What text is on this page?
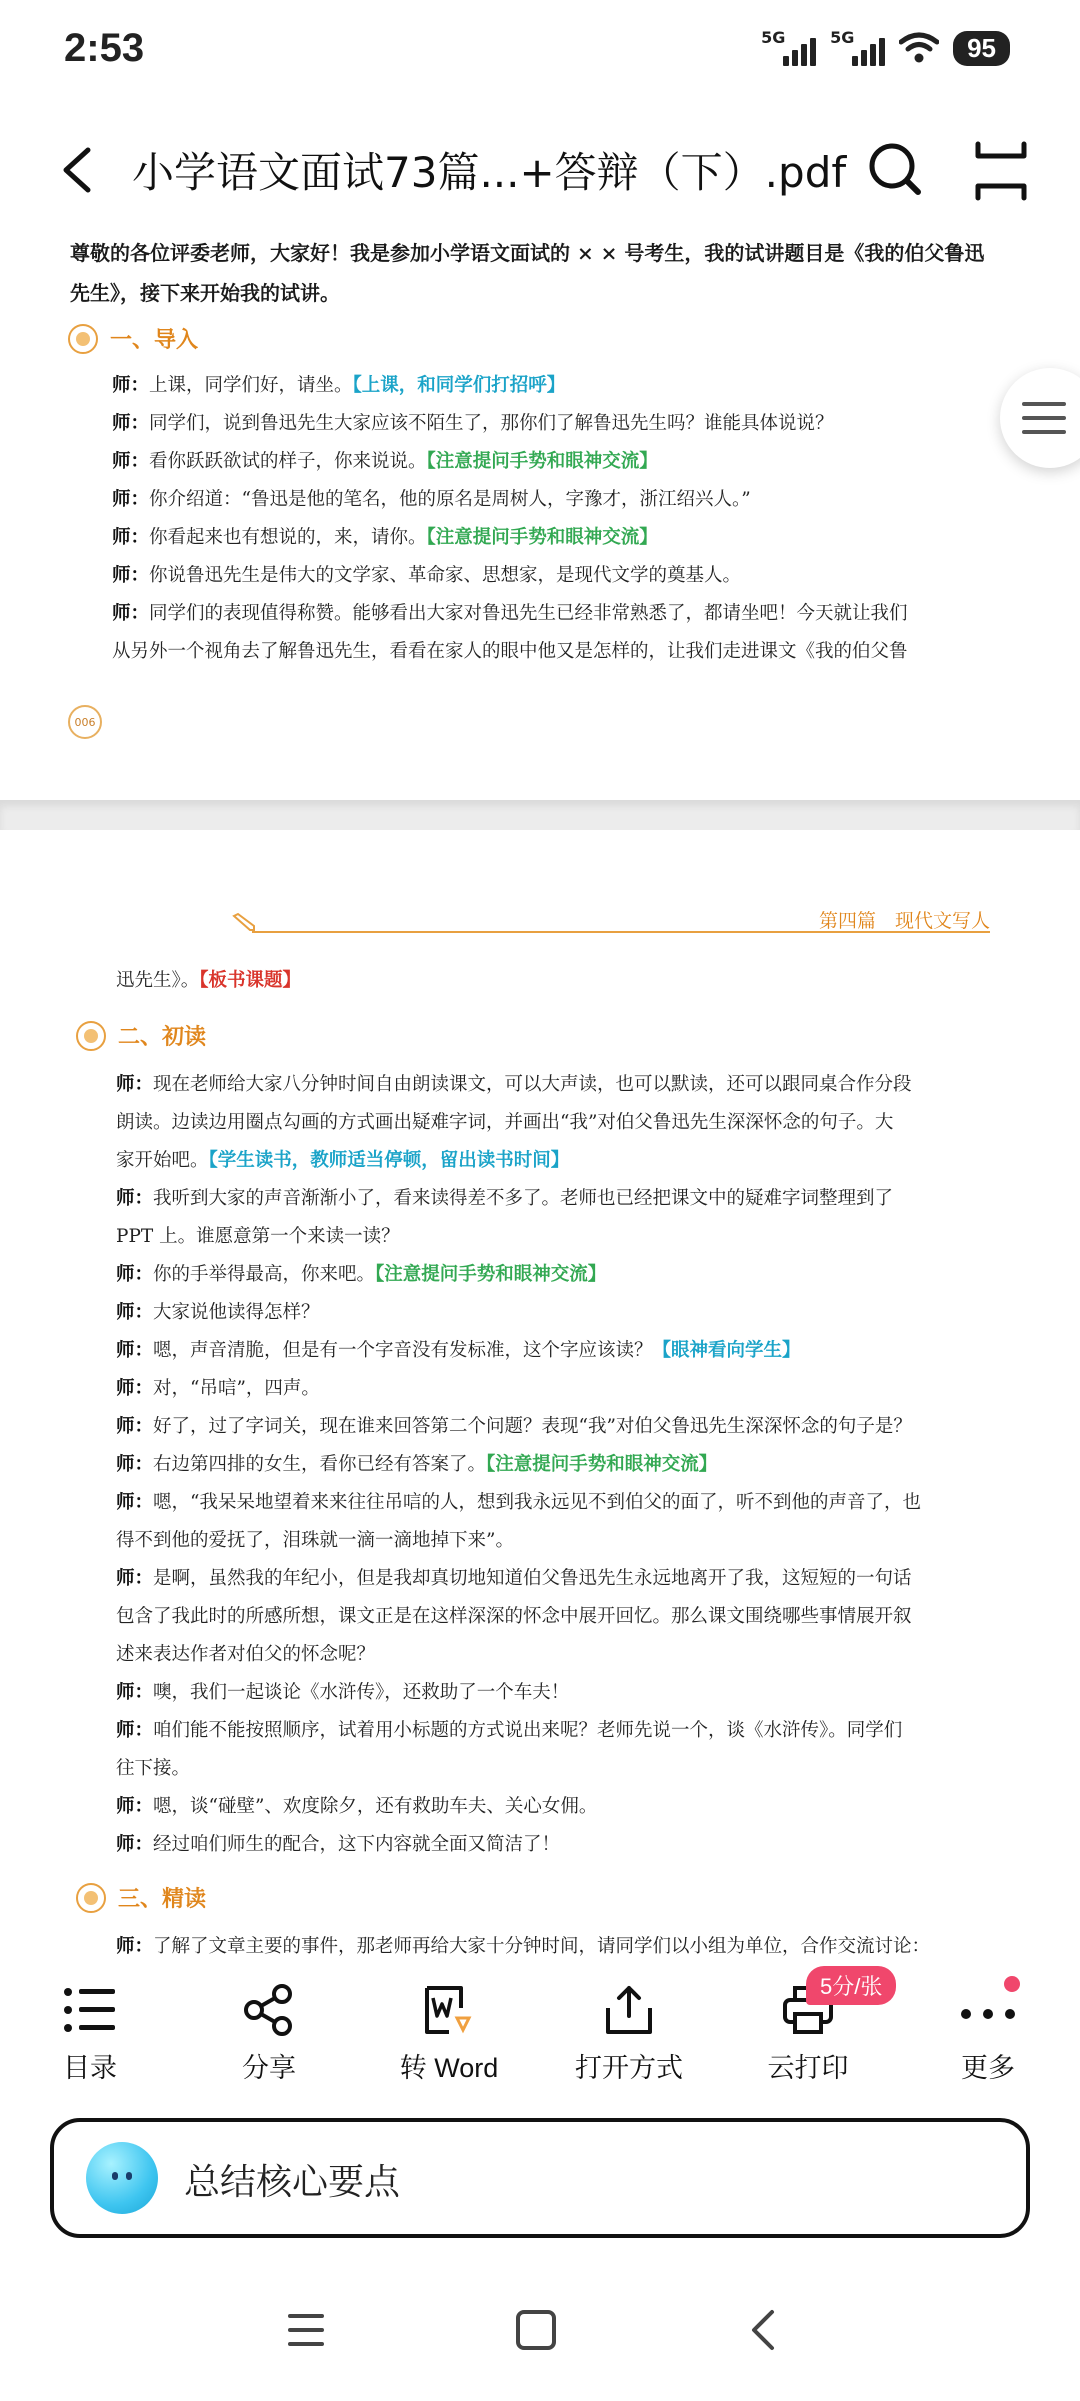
2:53	5G	5G	95
小学语文面试73篇...+答辩（下）.pdf
尊敬的各位评委老师，大家好！我是参加小学语文面试的 × × 号考生，我的试讲题目是《我的伯父鲁迅先生》，接下来开始我的试讲。
一、导入
师：上课，同学们好，请坐。【上课，和同学们打招呼】
师：同学们，说到鲁迅先生大家应该不陌生了，那你们了解鲁迅先生吗？谁能具体说说？
师：看你跃跃欲试的样子，你来说说。【注意提问手势和眼神交流】
师：你介绍道：“鲁迅是他的笔名，他的原名是周树人，字豫才，浙江绍兴人。”
师：你看起来也有想说的，来，请你。【注意提问手势和眼神交流】
师：你说鲁迅先生是伟大的文学家、革命家、思想家，是现代文学的奠基人。
师：同学们的表现值得称赞。能够看出大家对鲁迅先生已经非常熟悉了，都请坐吧！今天就让我们
从另外一个视角去了解鲁迅先生，看看在家人的眼中他又是怎样的，让我们走进课文《我的伯父鲁
006
第四篇　现代文写人
迅先生》。【板书课题】
二、初读
师：现在老师给大家八分钟时间自由朗读课文，可以大声读，也可以默读，还可以跟同桌合作分段
朗读。边读边用圈点勾画的方式画出疑难字词，并画出“我”对伯父鲁迅先生深深怀念的句子。大
家开始吧。【学生读书，教师适当停顿，留出读书时间】
师：我听到大家的声音渐渐小了，看来读得差不多了。老师也已经把课文中的疑难字词整理到了
PPT 上。谁愿意第一个来读一读？
师：你的手举得最高，你来吧。【注意提问手势和眼神交流】
师：大家说他读得怎样？
师：嗯，声音清脆，但是有一个字音没有发标准，这个字应该读？【眼神看向学生】
师：对，“吊唁”，四声。
师：好了，过了字词关，现在谁来回答第二个问题？表现“我”对伯父鲁迅先生深深怀念的句子是？
师：右边第四排的女生，看你已经有答案了。【注意提问手势和眼神交流】
师：嗯，“我呆呆地望着来来往往吊唁的人，想到我永远见不到伯父的面了，听不到他的声音了，也
得不到他的爱抚了，泪珠就一滴一滴地掉下来”。
师：是啊，虽然我的年纪小，但是我却真切地知道伯父鲁迅先生永远地离开了我，这短短的一句话
包含了我此时的所感所想，课文正是在这样深深的怀念中展开回忆。那么课文围绕哪些事情展开叙
述来表达作者对伯父的怀念呢？
师：噢，我们一起谈论《水浒传》，还救助了一个车夫！
师：咱们能不能按照顺序，试着用小标题的方式说出来呢？老师先说一个，谈《水浒传》。同学们
往下接。
师：嗯，谈“碰壁”、欢度除夕，还有救助车夫、关心女佣。
师：经过咱们师生的配合，这下内容就全面又简洁了！
三、精读
师：了解了文章主要的事件，那老师再给大家十分钟时间，请同学们以小组为单位，合作交流讨论：
目录	分享	转 Word	打开方式	云打印	更多
5分/张
总结核心要点
